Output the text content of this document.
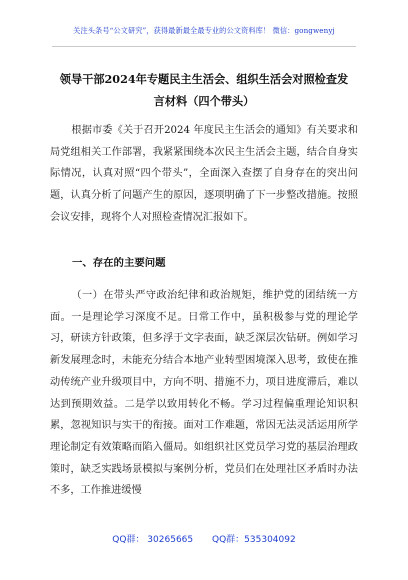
关注头条号“公文研究”，获得最新最全最专业的公文资料库！ 微信：gongwenyj
领导干部2024年专题民主生活会、组织生活会对照检查发
言材料（四个带头）
根据市委《关于召开2024 年度民主生活会的通知》有关要求和局党组相关工作部署，我紧紧围绕本次民主生活会主题，结合自身实际情况，认真对照“四个带头”，全面深入查摆了自身存在的突出问题，认真分析了问题产生的原因，逐项明确了下一步整改措施。按照会议安排，现将个人对照检查情况汇报如下。
一、存在的主要问题
（一）在带头严守政治纪律和政治规矩，维护党的团结统一方面。一是理论学习深度不足。日常工作中，虽积极参与党的理论学习，研读方针政策，但多浮于文字表面，缺乏深层次钻研。例如学习新发展理念时，未能充分结合本地产业转型困境深入思考，致使在推动传统产业升级项目中，方向不明、措施不力，项目进度滞后，难以达到预期效益。二是学以致用转化不畅。学习过程偏重理论知识积累，忽视知识与实干的衔接。面对工作难题，常因无法灵活运用所学理论制定有效策略而陷入僵局。如组织社区党员学习党的基层治理政策时，缺乏实践场景模拟与案例分析，党员们在处理社区矛盾时办法不多，工作推进缓慢
QQ群： 30265665 QQ群：535304092
